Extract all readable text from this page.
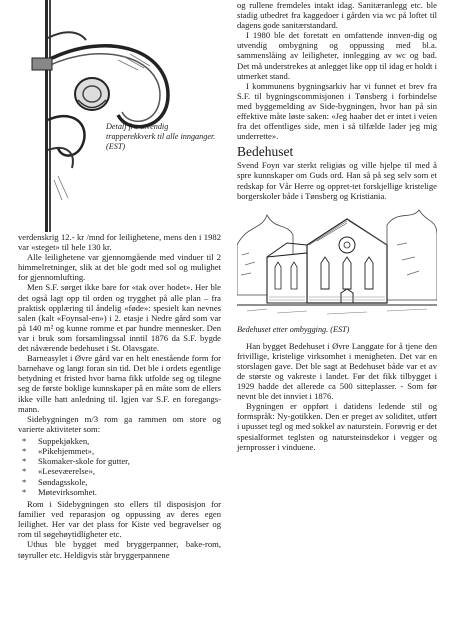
Detalj fra utvendig trapperekkverk til alle innganger. (EST)

verdenskrig 12.- kr /mnd for leilighetene, mens den i 1982 var «steget» til hele 130 kr.

Alle leilighetene var gjennomgående med vinduer til 2 himmelretninger, slik at det ble godt med sol og mulighet for gjennomlufting.

Men S.F. sørget ikke bare for «tak over hodet». Her ble det også lagt opp til orden og trygghet på alle plan – fra praktisk opplæring til åndelig «føde»: spesielt kan nevnes salen (kalt «Foynsal-en») i 2. etasje i Nedre gård som var på 140 m² og kunne romme et par hundre mennesker. Den var i bruk som forsamlingssal inntil 1876 da S.F. bygde det nåværende bedehuset i St. Olavsgate.

Barneasylet i Øvre gård var en helt enestående form for barnehave og langt foran sin tid. Det ble i ordets egentlige betydning et fristed hvor barna fikk utfolde seg og tilegne seg de første boklige kunnskaper på en måte som de ellers ikke ville hatt anledning til. Igjen var S.F. en foregangs-mann.

Sidebygningen m/3 rom ga rammen om store og varierte aktiviteter som:

*	Suppekjøkken,
*	«Pikehjemmet»,
*	Skomaker-skole for gutter,
*	«Lesevæerelse»,
*	Søndagsskole,
*	Møtevirksomhet.

Rom i Sidebygningen sto ellers til disposisjon for familier ved reparasjon og oppussing av deres egen leilighet. Her var det plass for Kiste ved begravelser og rom til søgehøytidligheter etc.

Uthus ble bygget med bryggerpanner, bake-rom, tøyruller etc. Heldigvis står bryggerpannene

og rullene fremdeles intakt idag. Sanitæranlegg etc. ble stadig utbedret fra kaggedoer i gården via wc på loftet til dagens gode sanitærstandard.

I 1980 ble det foretatt en omfattende innven-dig og utvendig ombygning og oppussing med bl.a. sammenslåing av leiligheter, innlegging av wc og bad. Det må understrekes at anlegget like opp til idag er holdt i utmerket stand.

I kommunens bygningsarkiv har vi funnet et brev fra S.F. til bygningscommisjonen i Tønsberg i forbindelse med byggemelding av Side-bygningen, hvor han på sin effektive måte løste saken: «Jeg haaber det er intet i veien fra det offentliges side, men i så tilfælde lader jeg mig underrette».

Bedehuset

Svend Foyn var sterkt religiøs og ville hjelpe til med å spre kunnskaper om Guds ord. Han så på seg selv som et redskap for Vår Herre og oppret-tet forskjellige kristelige borgerskoler både i Tønsberg og Kristiania.

Bedehuset etter ombygging. (EST)

Han bygget Bedehuset i Øvre Langgate for å tjene den frivillige, kristelige virksomhet i menigheten. Det var en storslagen gave. Det ble sagt at Bedehuset både var et av de største og vakreste i landet. Før det fikk tilbygget i 1929 hadde det allerede ca 500 sitteplasser. - Som før nevnt ble det innviet i 1876.

Bygningen er oppført i datidens ledende stil og formspråk: Ny-gotikken. Den er preget av soliditet, utført i upusset tegl og med sokkel av naturstein. Forøvrig er det spesialformet teglsten og natursteinsdekor i vegger og jernprosser i vinduene.
